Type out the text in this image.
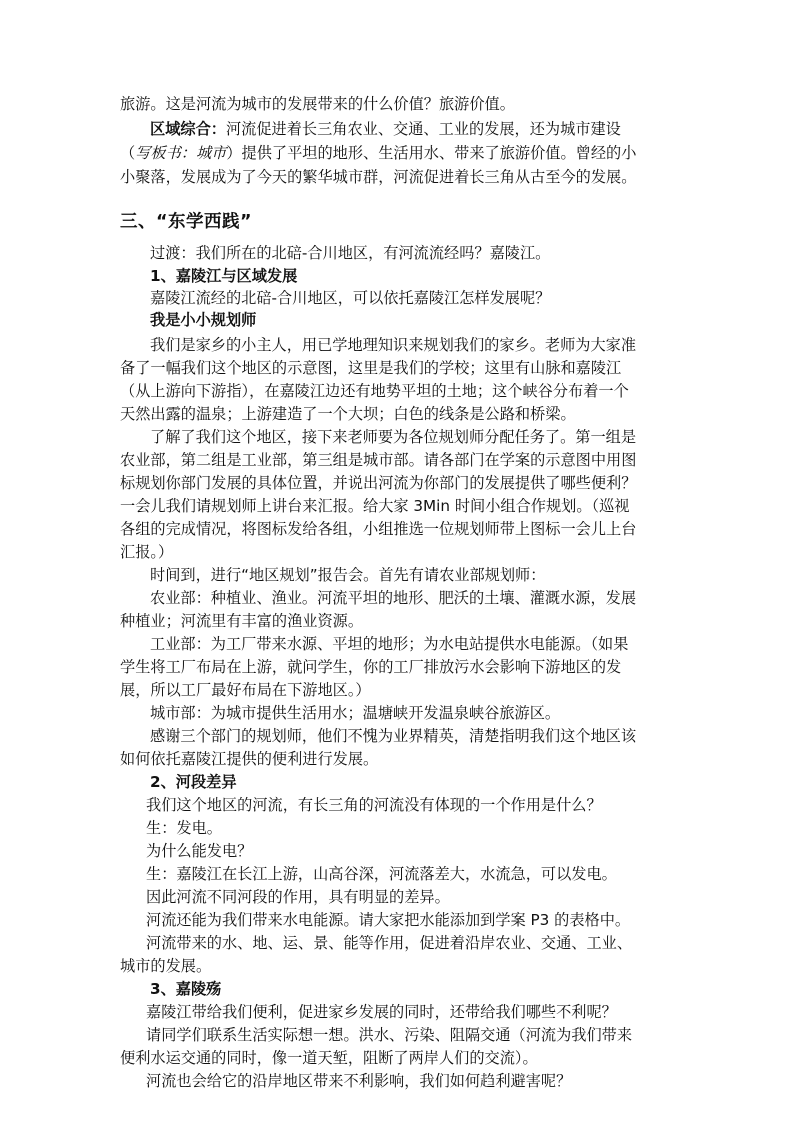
旅游。这是河流为城市的发展带来的什么价值？旅游价值。
区域综合：河流促进着长三角农业、交通、工业的发展，还为城市建设
（写板书：城市）提供了平坦的地形、生活用水、带来了旅游价值。曾经的小
小聚落，发展成为了今天的繁华城市群，河流促进着长三角从古至今的发展。
三、“东学西践”
过渡：我们所在的北碚-合川地区，有河流流经吗？嘉陵江。
1、嘉陵江与区域发展
嘉陵江流经的北碚-合川地区，可以依托嘉陵江怎样发展呢？
我是小小规划师
我们是家乡的小主人，用已学地理知识来规划我们的家乡。老师为大家准
备了一幅我们这个地区的示意图，这里是我们的学校；这里有山脉和嘉陵江
（从上游向下游指），在嘉陵江边还有地势平坦的土地；这个峡谷分布着一个
天然出露的温泉；上游建造了一个大坝；白色的线条是公路和桥梁。
了解了我们这个地区，接下来老师要为各位规划师分配任务了。第一组是
农业部，第二组是工业部，第三组是城市部。请各部门在学案的示意图中用图
标规划你部门发展的具体位置，并说出河流为你部门的发展提供了哪些便利？
一会儿我们请规划师上讲台来汇报。给大家 3Min 时间小组合作规划。（巡视
各组的完成情况，将图标发给各组，小组推选一位规划师带上图标一会儿上台
汇报。）
时间到，进行“地区规划”报告会。首先有请农业部规划师：
农业部：种植业、渔业。河流平坦的地形、肥沃的土壤、灌溉水源，发展
种植业；河流里有丰富的渔业资源。
工业部：为工厂带来水源、平坦的地形；为水电站提供水电能源。（如果
学生将工厂布局在上游，就问学生，你的工厂排放污水会影响下游地区的发
展，所以工厂最好布局在下游地区。）
城市部：为城市提供生活用水；温塘峡开发温泉峡谷旅游区。
感谢三个部门的规划师，他们不愧为业界精英，清楚指明我们这个地区该
如何依托嘉陵江提供的便利进行发展。
2、河段差异
我们这个地区的河流，有长三角的河流没有体现的一个作用是什么？
生：发电。
为什么能发电？
生：嘉陵江在长江上游，山高谷深，河流落差大，水流急，可以发电。
因此河流不同河段的作用，具有明显的差异。
河流还能为我们带来水电能源。请大家把水能添加到学案 P3 的表格中。
河流带来的水、地、运、景、能等作用，促进着沿岸农业、交通、工业、
城市的发展。
3、嘉陵殇
嘉陵江带给我们便利，促进家乡发展的同时，还带给我们哪些不利呢？
请同学们联系生活实际想一想。洪水、污染、阻隔交通（河流为我们带来
便利水运交通的同时，像一道天堑，阻断了两岸人们的交流）。
河流也会给它的沿岸地区带来不利影响，我们如何趋利避害呢？
